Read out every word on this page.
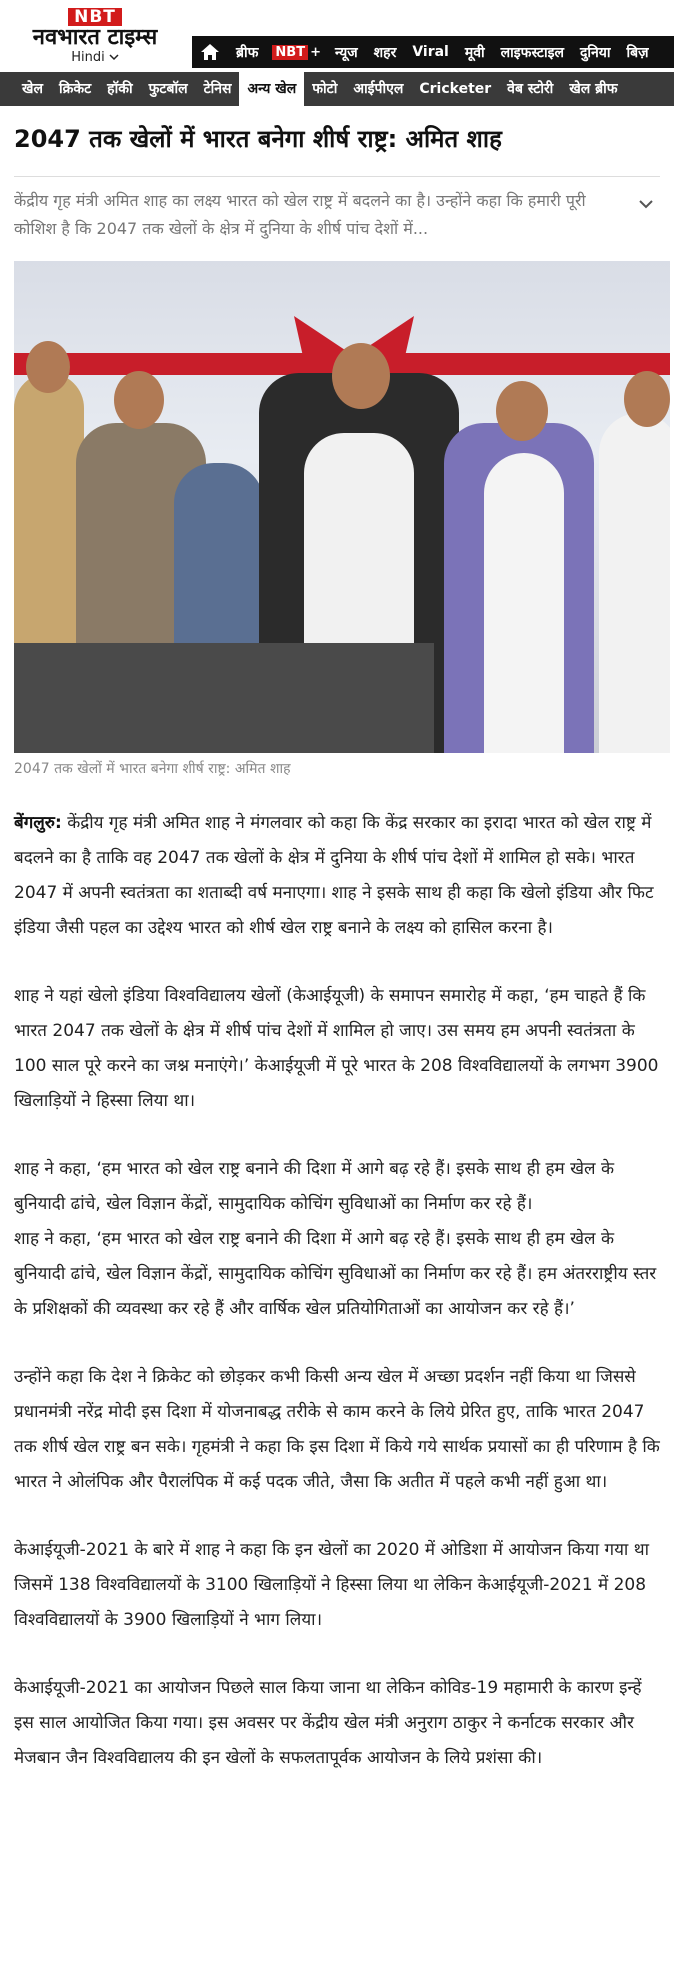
NBT
नवभारत टाइम्स
Hindi	ब्रीफ	NBT +	न्यूज	शहर	Viral	मूवी	लाइफस्टाइल	दुनिया	बिज़
खेल	क्रिकेट	हॉकी	फुटबॉल	टेनिस	अन्य खेल	फोटो	आईपीएल	Cricketer	वेब स्टोरी	खेल ब्रीफ
2047 तक खेलों में भारत बनेगा शीर्ष राष्ट्र: अमित शाह
केंद्रीय गृह मंत्री अमित शाह का लक्ष्य भारत को खेल राष्ट्र में बदलने का है। उन्होंने कहा कि हमारी पूरी कोशिश है कि 2047 तक खेलों के क्षेत्र में दुनिया के शीर्ष पांच देशों में...
2047 तक खेलों में भारत बनेगा शीर्ष राष्ट्र: अमित शाह

बेंगलुरु: केंद्रीय गृह मंत्री अमित शाह ने मंगलवार को कहा कि केंद्र सरकार का इरादा भारत को खेल राष्ट्र में बदलने का है ताकि वह 2047 तक खेलों के क्षेत्र में दुनिया के शीर्ष पांच देशों में शामिल हो सके। भारत 2047 में अपनी स्वतंत्रता का शताब्दी वर्ष मनाएगा। शाह ने इसके साथ ही कहा कि खेलो इंडिया और फिट इंडिया जैसी पहल का उद्देश्य भारत को शीर्ष खेल राष्ट्र बनाने के लक्ष्य को हासिल करना है।

शाह ने यहां खेलो इंडिया विश्वविद्यालय खेलों (केआईयूजी) के समापन समारोह में कहा, ‘हम चाहते हैं कि भारत 2047 तक खेलों के क्षेत्र में शीर्ष पांच देशों में शामिल हो जाए। उस समय हम अपनी स्वतंत्रता के 100 साल पूरे करने का जश्न मनाएंगे।’ केआईयूजी में पूरे भारत के 208 विश्वविद्यालयों के लगभग 3900 खिलाड़ियों ने हिस्सा लिया था।

शाह ने कहा, ‘हम भारत को खेल राष्ट्र बनाने की दिशा में आगे बढ़ रहे हैं। इसके साथ ही हम खेल के बुनियादी ढांचे, खेल विज्ञान केंद्रों, सामुदायिक कोचिंग सुविधाओं का निर्माण कर रहे हैं।

शाह ने कहा, ‘हम भारत को खेल राष्ट्र बनाने की दिशा में आगे बढ़ रहे हैं। इसके साथ ही हम खेल के बुनियादी ढांचे, खेल विज्ञान केंद्रों, सामुदायिक कोचिंग सुविधाओं का निर्माण कर रहे हैं। हम अंतरराष्ट्रीय स्तर के प्रशिक्षकों की व्यवस्था कर रहे हैं और वार्षिक खेल प्रतियोगिताओं का आयोजन कर रहे हैं।’

उन्होंने कहा कि देश ने क्रिकेट को छोड़कर कभी किसी अन्य खेल में अच्छा प्रदर्शन नहीं किया था जिससे प्रधानमंत्री नरेंद्र मोदी इस दिशा में योजनाबद्ध तरीके से काम करने के लिये प्रेरित हुए, ताकि भारत 2047 तक शीर्ष खेल राष्ट्र बन सके। गृहमंत्री ने कहा कि इस दिशा में किये गये सार्थक प्रयासों का ही परिणाम है कि भारत ने ओलंपिक और पैरालंपिक में कई पदक जीते, जैसा कि अतीत में पहले कभी नहीं हुआ था।

केआईयूजी-2021 के बारे में शाह ने कहा कि इन खेलों का 2020 में ओडिशा में आयोजन किया गया था जिसमें 138 विश्वविद्यालयों के 3100 खिलाड़ियों ने हिस्सा लिया था लेकिन केआईयूजी-2021 में 208 विश्वविद्यालयों के 3900 खिलाड़ियों ने भाग लिया।

केआईयूजी-2021 का आयोजन पिछले साल किया जाना था लेकिन कोविड-19 महामारी के कारण इन्हें इस साल आयोजित किया गया। इस अवसर पर केंद्रीय खेल मंत्री अनुराग ठाकुर ने कर्नाटक सरकार और मेजबान जैन विश्वविद्यालय की इन खेलों के सफलतापूर्वक आयोजन के लिये प्रशंसा की।
